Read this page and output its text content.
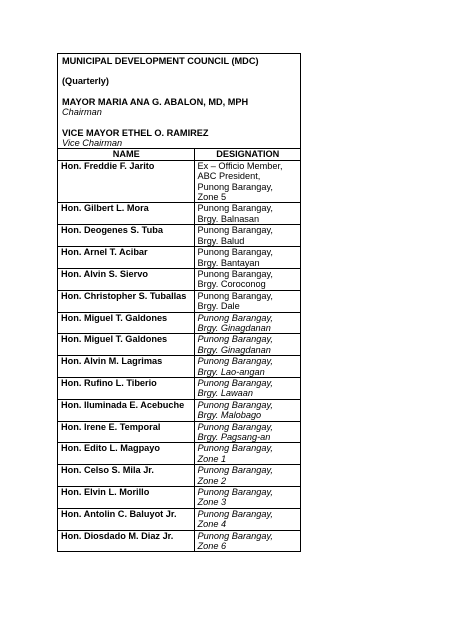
MUNICIPAL DEVELOPMENT COUNCIL (MDC)

(Quarterly)

MAYOR MARIA ANA G. ABALON, MD, MPH

Chairman

VICE MAYOR ETHEL O. RAMIREZ

Vice Chairman

NAME	DESIGNATION
Hon. Freddie F. Jarito	Ex – Officio Member,
ABC President,
Punong Barangay,
Zone 5

Hon. Gilbert L. Mora	Punong Barangay,
Brgy. Balnasan

Hon. Deogenes S. Tuba	Punong Barangay,
Brgy. Balud

Hon. Arnel T. Acibar	Punong Barangay,
Brgy. Bantayan

Hon. Alvin S. Siervo	Punong Barangay,
Brgy. Coroconog

Hon. Christopher S. Tuballas	Punong Barangay,
Brgy. Dale

Hon. Miguel T. Galdones	Punong Barangay,
Brgy. Ginagdanan

Hon. Miguel T. Galdones	Punong Barangay,
Brgy. Ginagdanan

Hon. Alvin M. Lagrimas	Punong Barangay,
Brgy. Lao-angan

Hon. Rufino L. Tiberio	Punong Barangay,
Brgy. Lawaan

Hon. Iluminada E. Acebuche	Punong Barangay,
Brgy. Malobago

Hon. Irene E. Temporal	Punong Barangay,
Brgy. Pagsang-an

Hon. Edito L. Magpayo	Punong Barangay,
Zone 1

Hon. Celso S. Mila Jr.	Punong Barangay,
Zone 2

Hon. Elvin L. Morillo	Punong Barangay,
Zone 3

Hon. Antolin C. Baluyot Jr.	Punong Barangay,
Zone 4

Hon. Diosdado M. Diaz Jr.	Punong Barangay,
Zone 6
